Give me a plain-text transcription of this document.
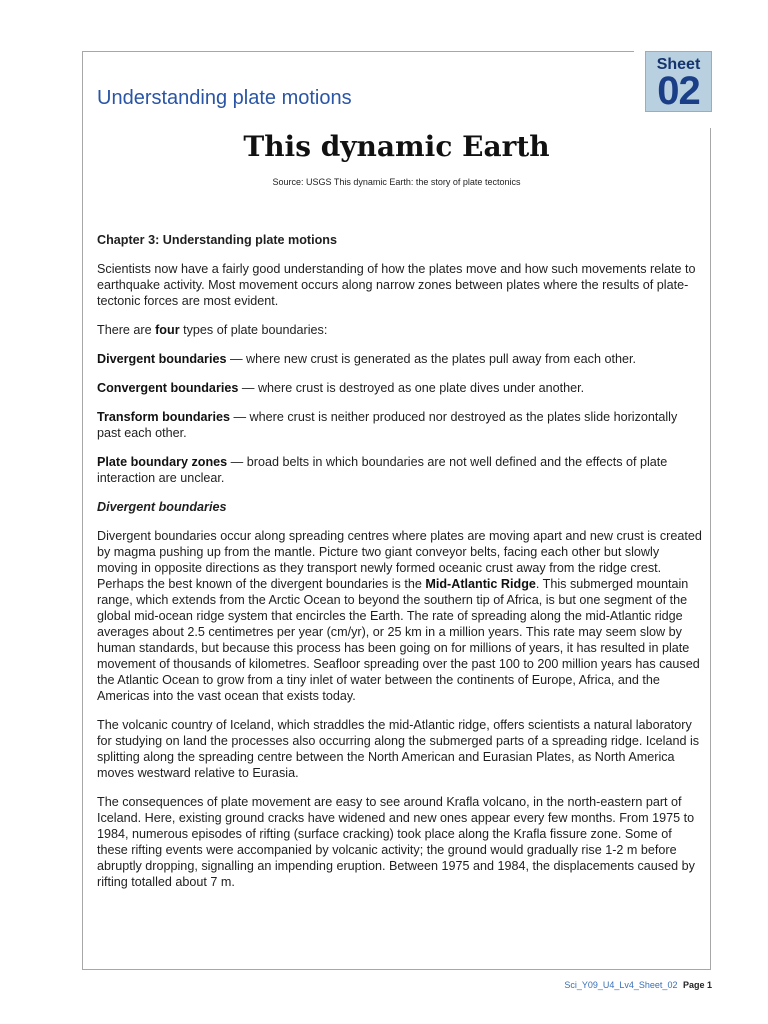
Sheet
02
Understanding plate motions
This dynamic Earth
Source: USGS This dynamic Earth: the story of plate tectonics

Chapter 3: Understanding plate motions

Scientists now have a fairly good understanding of how the plates move and how such movements relate to earthquake activity. Most movement occurs along narrow zones between plates where the results of plate-tectonic forces are most evident.

There are four types of plate boundaries:

Divergent boundaries — where new crust is generated as the plates pull away from each other.

Convergent boundaries — where crust is destroyed as one plate dives under another.

Transform boundaries — where crust is neither produced nor destroyed as the plates slide horizontally past each other.

Plate boundary zones — broad belts in which boundaries are not well defined and the effects of plate interaction are unclear.

Divergent boundaries

Divergent boundaries occur along spreading centres where plates are moving apart and new crust is created by magma pushing up from the mantle. Picture two giant conveyor belts, facing each other but slowly moving in opposite directions as they transport newly formed oceanic crust away from the ridge crest. Perhaps the best known of the divergent boundaries is the Mid-Atlantic Ridge. This submerged mountain range, which extends from the Arctic Ocean to beyond the southern tip of Africa, is but one segment of the global mid-ocean ridge system that encircles the Earth. The rate of spreading along the mid-Atlantic ridge averages about 2.5 centimetres per year (cm/yr), or 25 km in a million years. This rate may seem slow by human standards, but because this process has been going on for millions of years, it has resulted in plate movement of thousands of kilometres. Seafloor spreading over the past 100 to 200 million years has caused the Atlantic Ocean to grow from a tiny inlet of water between the continents of Europe, Africa, and the Americas into the vast ocean that exists today.

The volcanic country of Iceland, which straddles the mid-Atlantic ridge, offers scientists a natural laboratory for studying on land the processes also occurring along the submerged parts of a spreading ridge. Iceland is splitting along the spreading centre between the North American and Eurasian Plates, as North America moves westward relative to Eurasia.

The consequences of plate movement are easy to see around Krafla volcano, in the north-eastern part of Iceland. Here, existing ground cracks have widened and new ones appear every few months. From 1975 to 1984, numerous episodes of rifting (surface cracking) took place along the Krafla fissure zone. Some of these rifting events were accompanied by volcanic activity; the ground would gradually rise 1-2 m before abruptly dropping, signalling an impending eruption. Between 1975 and 1984, the displacements caused by rifting totalled about 7 m.

Sci_Y09_U4_Lv4_Sheet_02 Page 1
